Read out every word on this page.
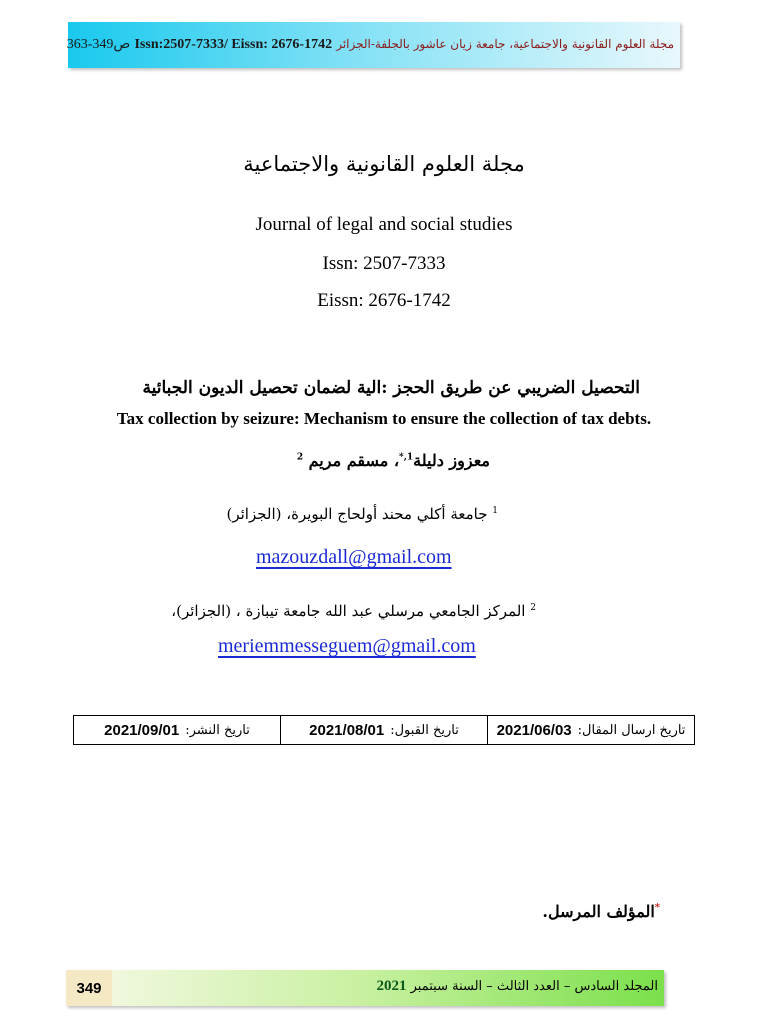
مجلة العلوم القانونية والاجتماعية، جامعة زيان عاشور بالجلفة-الجزائر Issn:2507-7333/ Eissn: 2676-1742 ص349-363
مجلة العلوم القانونية والاجتماعية
Journal of legal and social studies
Issn: 2507-7333
Eissn: 2676-1742
التحصيل الضريبي عن طريق الحجز :الية لضمان تحصيل الديون الجبائية
Tax collection by seizure: Mechanism to ensure the collection of tax debts.
معزوز دليلة$^{1,*}$، مسقم مريم $^2$
$^1$ جامعة أكلي محند أولحاج البويرة، (الجزائر)
mazouzdall@gmail.com
$^2$ المركز الجامعي مرسلي عبد الله جامعة تيبازة ، (الجزائر)،
meriemmesseguem@gmail.com
تاريخ ارسال المقال:
2021/06/03
تاريخ القبول:
2021/08/01
تاريخ النشر:
2021/09/01
*المؤلف المرسل.
349	المجلد السادس – العدد الثالث – السنة سبتمبر 2021
